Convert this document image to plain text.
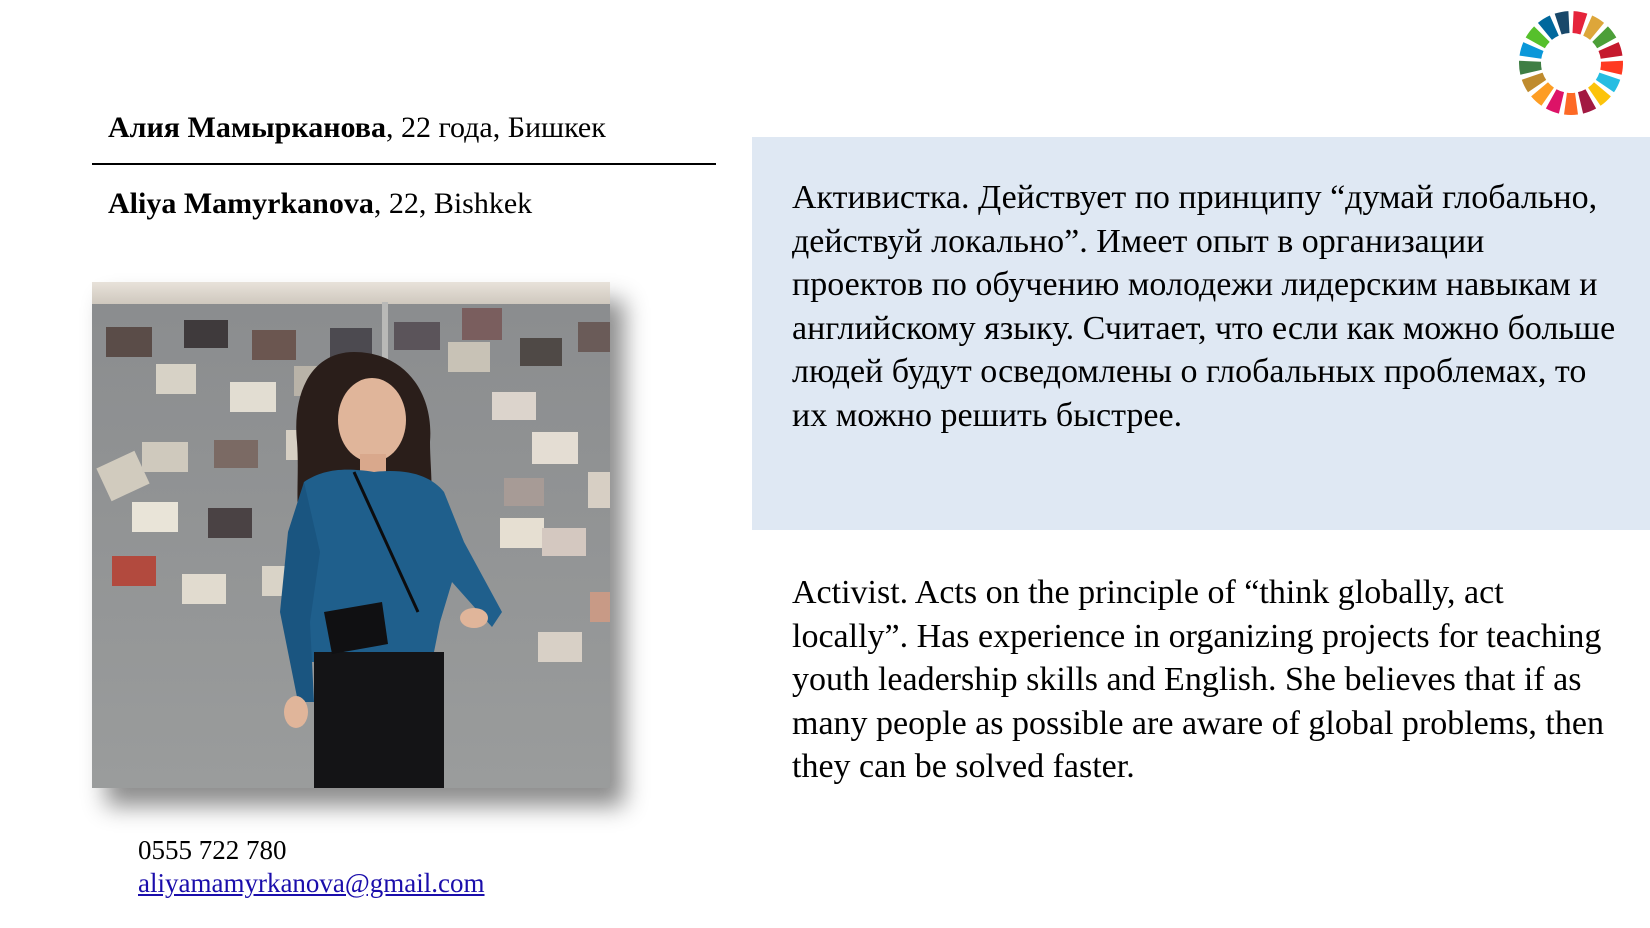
Алия Мамырканова, 22 года, Бишкек
Aliya Mamyrkanova, 22, Bishkek
0555 722 780
aliyamamyrkanova@gmail.com
Активистка. Действует по принципу “думай глобально, действуй локально”. Имеет опыт в организации проектов по обучению молодежи лидерским навыкам и английскому языку. Считает, что если как можно больше людей будут осведомлены о глобальных проблемах, то их можно решить быстрее.
Activist. Acts on the principle of “think globally, act locally”. Has experience in organizing projects for teaching youth leadership skills and English. She believes that if as many people as possible are aware of global problems, then they can be solved faster.
